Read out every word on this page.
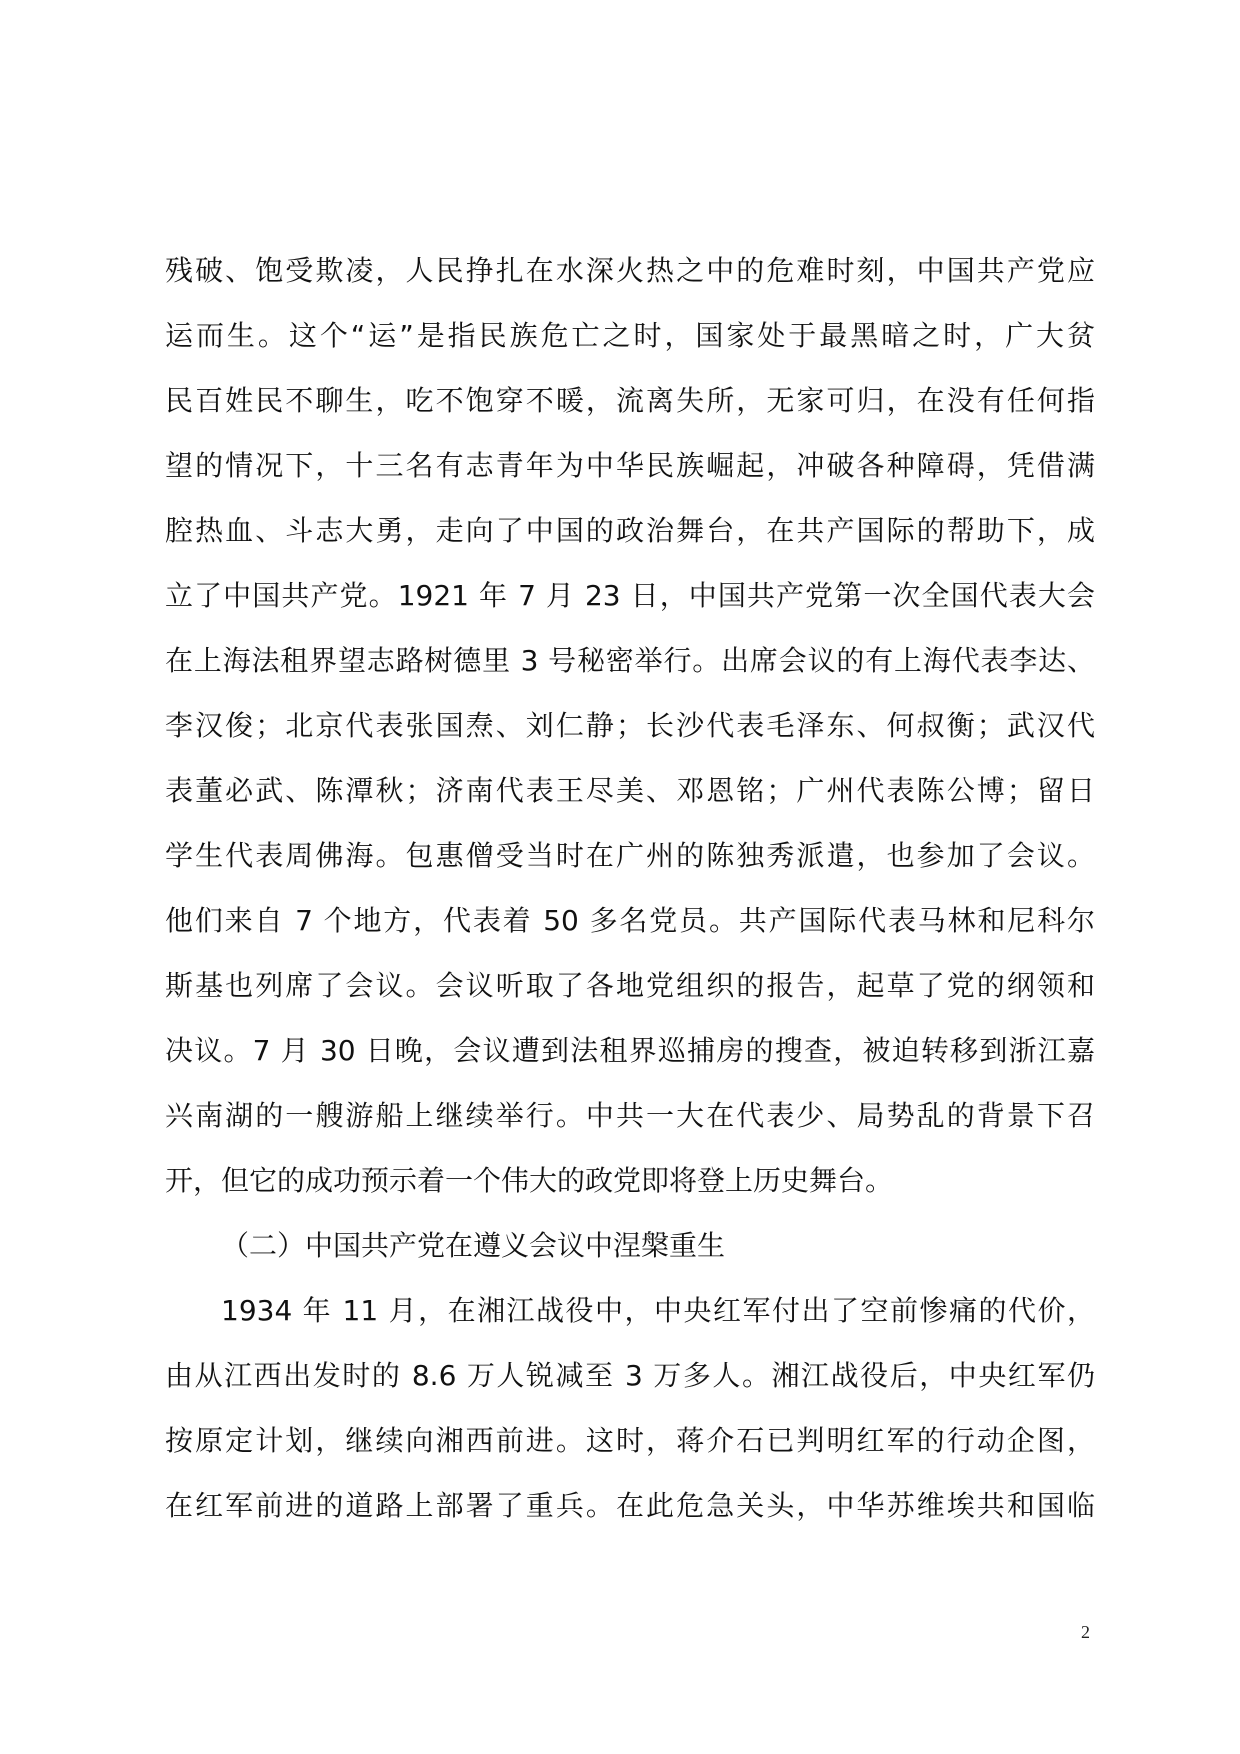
残破、饱受欺凌，人民挣扎在水深火热之中的危难时刻，中国共产党应
运而生。这个“运”是指民族危亡之时，国家处于最黑暗之时，广大贫
民百姓民不聊生，吃不饱穿不暖，流离失所，无家可归，在没有任何指
望的情况下，十三名有志青年为中华民族崛起，冲破各种障碍，凭借满
腔热血、斗志大勇，走向了中国的政治舞台，在共产国际的帮助下，成
立了中国共产党。1921 年 7 月 23 日，中国共产党第一次全国代表大会
在上海法租界望志路树德里 3 号秘密举行。出席会议的有上海代表李达、
李汉俊；北京代表张国焘、刘仁静；长沙代表毛泽东、何叔衡；武汉代
表董必武、陈潭秋；济南代表王尽美、邓恩铭；广州代表陈公博；留日
学生代表周佛海。包惠僧受当时在广州的陈独秀派遣，也参加了会议。
他们来自 7 个地方，代表着 50 多名党员。共产国际代表马林和尼科尔
斯基也列席了会议。会议听取了各地党组织的报告，起草了党的纲领和
决议。7 月 30 日晚，会议遭到法租界巡捕房的搜查，被迫转移到浙江嘉
兴南湖的一艘游船上继续举行。中共一大在代表少、局势乱的背景下召
开，但它的成功预示着一个伟大的政党即将登上历史舞台。
（二）中国共产党在遵义会议中涅槃重生
1934 年 11 月，在湘江战役中，中央红军付出了空前惨痛的代价，
由从江西出发时的 8.6 万人锐减至 3 万多人。湘江战役后，中央红军仍
按原定计划，继续向湘西前进。这时，蒋介石已判明红军的行动企图，
在红军前进的道路上部署了重兵。在此危急关头，中华苏维埃共和国临
2
